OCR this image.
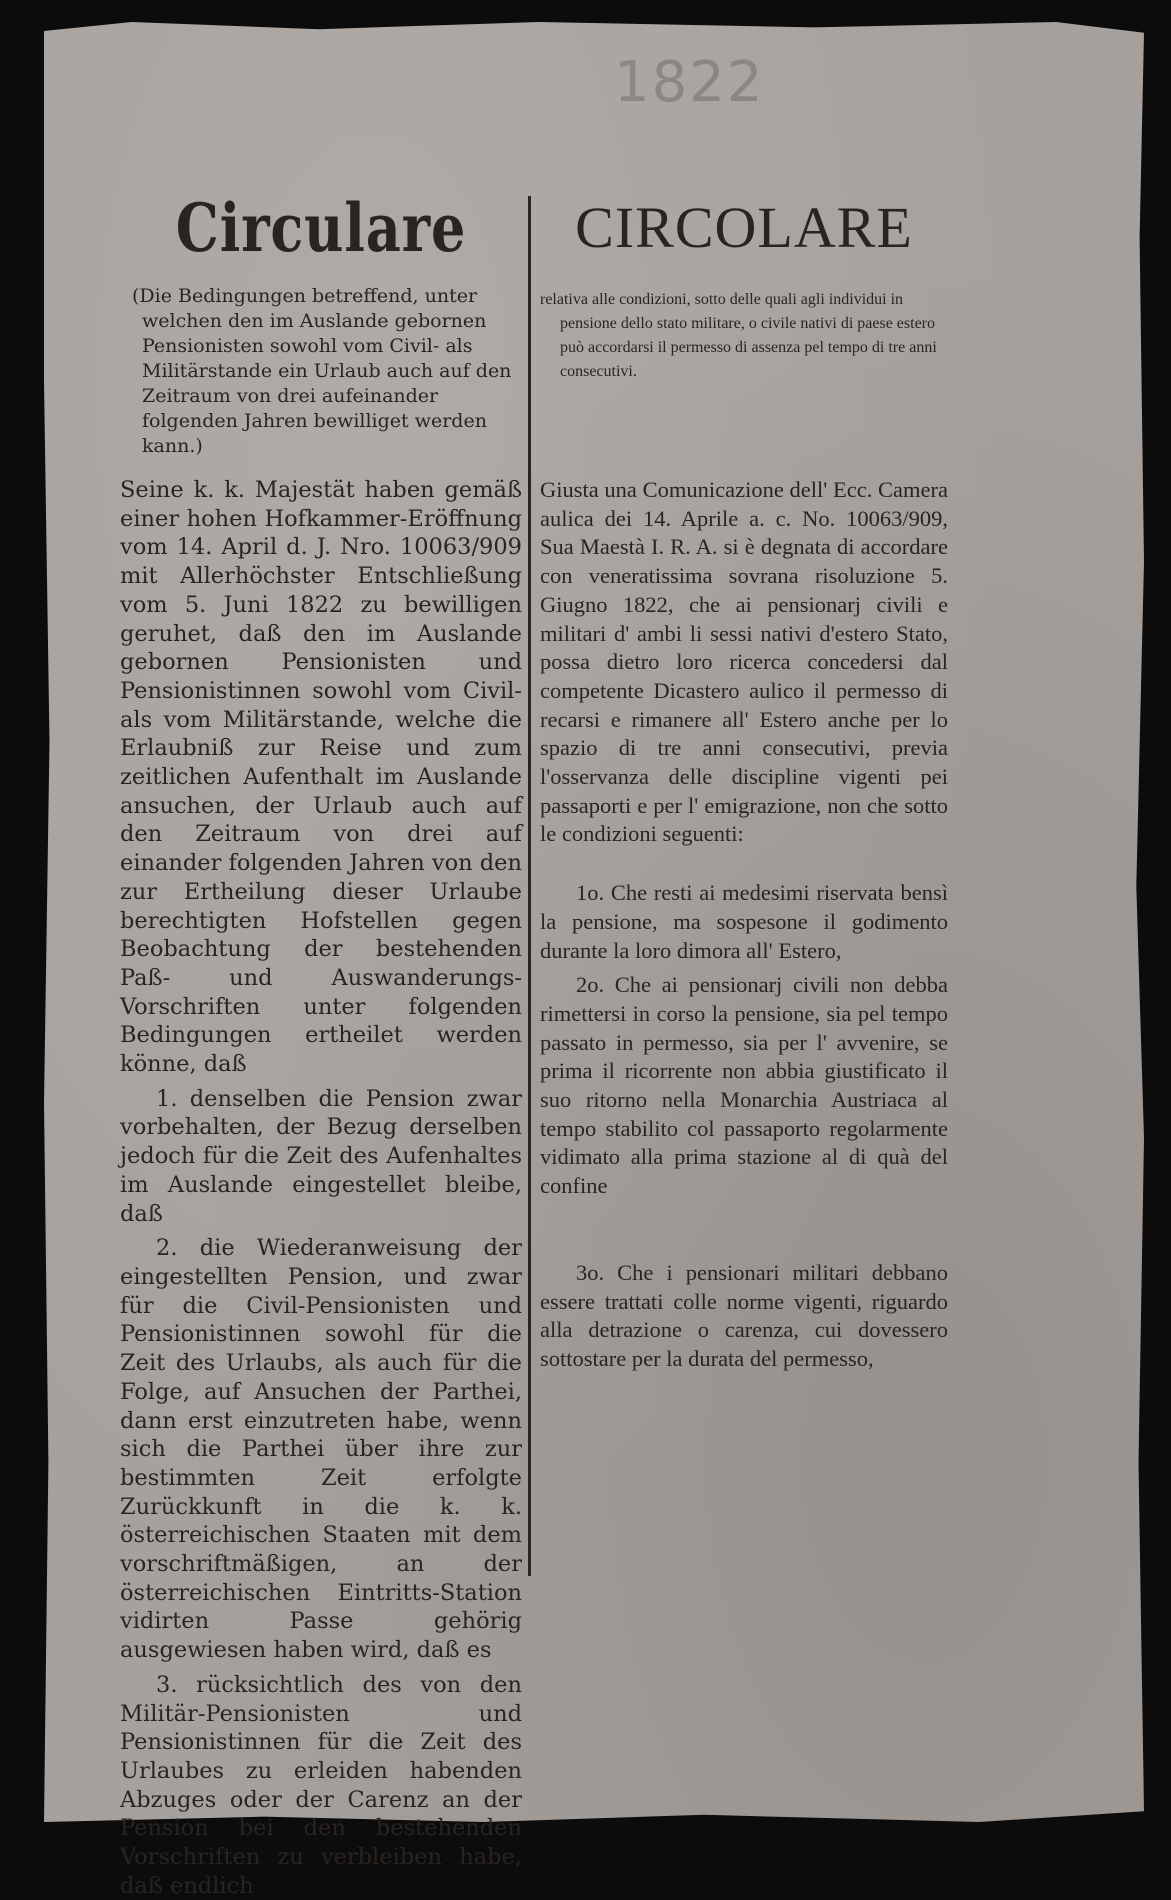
1822
Circulare
(Die Bedingungen betreffend, unter welchen den im Auslande gebornen Pensionisten sowohl vom Civil- als Militärstande ein Urlaub auch auf den Zeitraum von drei aufeinander folgenden Jahren bewilliget werden kann.)

Seine k. k. Majestät haben gemäß einer hohen Hofkammer-Eröffnung vom 14. April d. J. Nro. 10063/909 mit Allerhöchster Entschließung vom 5. Juni 1822 zu bewilligen geruhet, daß den im Auslande gebornen Pensionisten und Pensionistinnen sowohl vom Civil- als vom Militärstande, welche die Erlaubniß zur Reise und zum zeitlichen Aufenthalt im Auslande ansuchen, der Urlaub auch auf den Zeitraum von drei auf einander folgenden Jahren von den zur Ertheilung dieser Urlaube berechtigten Hofstellen gegen Beobachtung der bestehenden Paß- und Auswanderungs-Vorschriften unter folgenden Bedingungen ertheilet werden könne, daß

1. denselben die Pension zwar vorbehalten, der Bezug derselben jedoch für die Zeit des Aufenhaltes im Auslande eingestellet bleibe, daß

2. die Wiederanweisung der eingestellten Pension, und zwar für die Civil-Pensionisten und Pensionistinnen sowohl für die Zeit des Urlaubs, als auch für die Folge, auf Ansuchen der Parthei, dann erst einzutreten habe, wenn sich die Parthei über ihre zur bestimmten Zeit erfolgte Zurückkunft in die k. k. österreichischen Staaten mit dem vorschriftmäßigen, an der österreichischen Eintritts-Station vidirten Passe gehörig ausgewiesen haben wird, daß es

3. rücksichtlich des von den Militär-Pensionisten und Pensionistinnen für die Zeit des Urlaubes zu erleiden habenden Abzuges oder der Carenz an der Pension bei den bestehenden Vorschriften zu verbleiben habe, daß endlich

CIRCOLARE
relativa alle condizioni, sotto delle quali agli individui in pensione dello stato militare, o civile nativi di paese estero può accordarsi il permesso di assenza pel tempo di tre anni consecutivi.

Giusta una Comunicazione dell' Ecc. Camera aulica dei 14. Aprile a. c. No. 10063/909, Sua Maestà I. R. A. si è degnata di accordare con veneratissima sovrana risoluzione 5. Giugno 1822, che ai pensionarj civili e militari d' ambi li sessi nativi d'estero Stato, possa dietro loro ricerca concedersi dal competente Dicastero aulico il permesso di recarsi e rimanere all' Estero anche per lo spazio di tre anni consecutivi, previa l'osservanza delle discipline vigenti pei passaporti e per l' emigrazione, non che sotto le condizioni seguenti:

1o. Che resti ai medesimi riservata bensì la pensione, ma sospesone il godimento durante la loro dimora all' Estero,

2o. Che ai pensionarj civili non debba rimettersi in corso la pensione, sia pel tempo passato in permesso, sia per l' avvenire, se prima il ricorrente non abbia giustificato il suo ritorno nella Monarchia Austriaca al tempo stabilito col passaporto regolarmente vidimato alla prima stazione al di quà del confine

3o. Che i pensionari militari debbano essere trattati colle norme vigenti, riguardo alla detrazione o carenza, cui dovessero sottostare per la durata del permesso,
